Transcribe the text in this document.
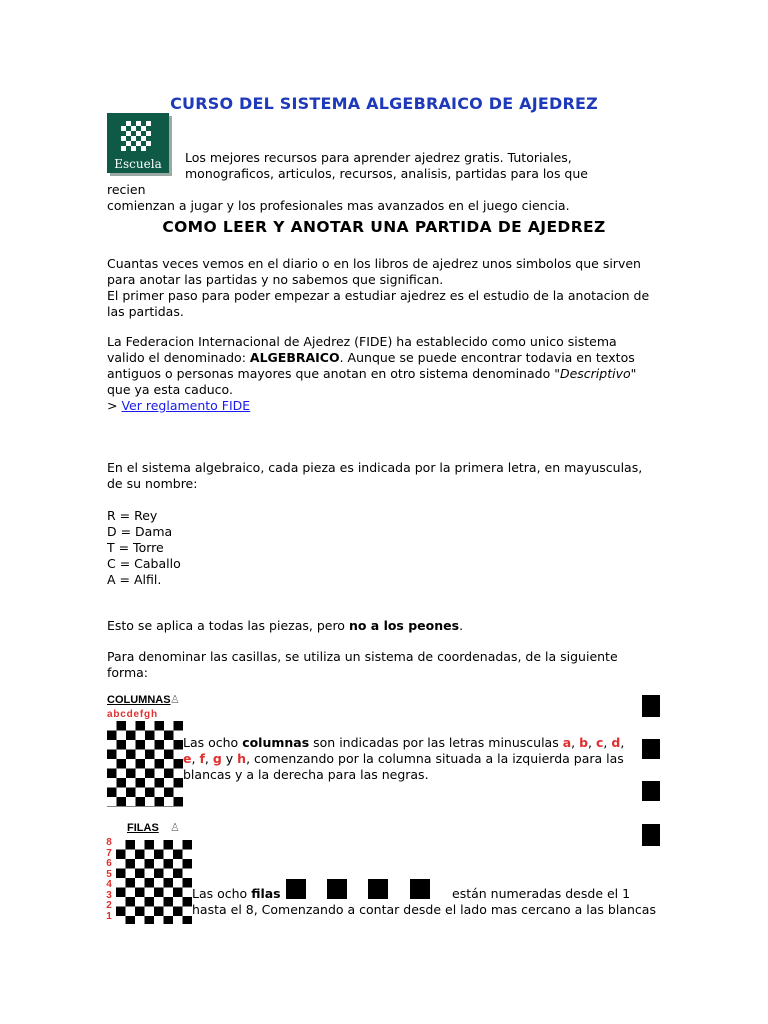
CURSO DEL SISTEMA ALGEBRAICO DE AJEDREZ
Escuela	Los mejores recursos para aprender ajedrez gratis. Tutoriales,
monograficos, articulos, recursos, analisis, partidas para los que recien
comienzan a jugar y los profesionales mas avanzados en el juego ciencia.
COMO LEER Y ANOTAR UNA PARTIDA DE AJEDREZ
Cuantas veces vemos en el diario o en los libros de ajedrez unos simbolos que sirven para anotar las partidas y no sabemos que significan.
El primer paso para poder empezar a estudiar ajedrez es el estudio de la anotacion de las partidas.
La Federacion Internacional de Ajedrez (FIDE) ha establecido como unico sistema valido el denominado: ALGEBRAICO. Aunque se puede encontrar todavia en textos antiguos o personas mayores que anotan en otro sistema denominado "Descriptivo" que ya esta caduco.
> Ver reglamento FIDE
En el sistema algebraico, cada pieza es indicada por la primera letra, en mayusculas, de su nombre:
R = Rey
D = Dama
T = Torre
C = Caballo
A = Alfil.
Esto se aplica a todas las piezas, pero no a los peones.
Para denominar las casillas, se utiliza un sistema de coordenadas, de la siguiente forma:
COLUMNAS ♙
abcdefgh
Las ocho columnas son indicadas por las letras minusculas a, b, c, d, e, f, g y h, comenzando por la columna situada a la izquierda para las blancas y a la derecha para las negras.
FILAS ♙
8
7
6
5
4
3
2
1
Las ocho filas	están numeradas desde el 1
hasta el 8, Comenzando a contar desde el lado mas cercano a las blancas
